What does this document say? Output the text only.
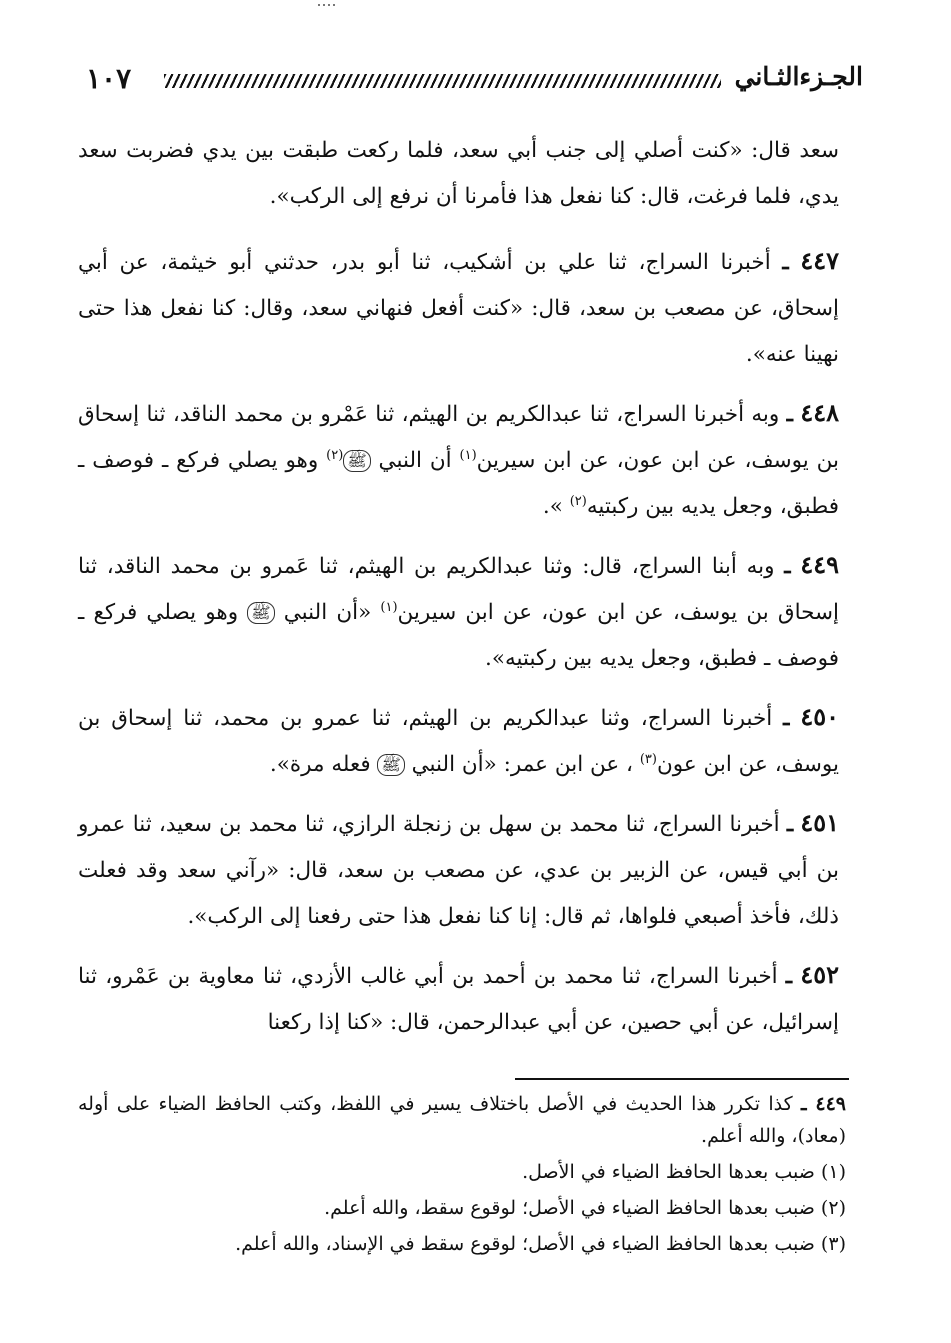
١٠٧	الجـزءالثـاني

سعد قال: «كنت أصلي إلى جنب أبي سعد، فلما ركعت طبقت بين يدي فضربت سعد يدي، فلما فرغت، قال: كنا نفعل هذا فأمرنا أن نرفع إلى الركب».

٤٤٧ ـ أخبرنا السراج، ثنا علي بن أشكيب، ثنا أبو بدر، حدثني أبو خيثمة، عن أبي إسحاق، عن مصعب بن سعد، قال: «كنت أفعل فنهاني سعد، وقال: كنا نفعل هذا حتى نهينا عنه».

٤٤٨ ـ وبه أخبرنا السراج، ثنا عبدالكريم بن الهيثم، ثنا عَمْرو بن محمد الناقد، ثنا إسحاق بن يوسف، عن ابن عون، عن ابن سيرين$^{(١)}$ أن النبي ﷺ$^{(٢)}$ وهو يصلي فركع ـ فوصف ـ فطبق، وجعل يديه بين ركبتيه$^{(٢)}$ ».

٤٤٩ ـ وبه أبنا السراج، قال: وثنا عبدالكريم بن الهيثم، ثنا عَمرو بن محمد الناقد، ثنا إسحاق بن يوسف، عن ابن عون، عن ابن سيرين$^{(١)}$ «أن النبي ﷺ وهو يصلي فركع ـ فوصف ـ فطبق، وجعل يديه بين ركبتيه».

٤٥٠ ـ أخبرنا السراج، وثنا عبدالكريم بن الهيثم، ثنا عمرو بن محمد، ثنا إسحاق بن يوسف، عن ابن عون$^{(٣)}$ ، عن ابن عمر: «أن النبي ﷺ فعله مرة».

٤٥١ ـ أخبرنا السراج، ثنا محمد بن سهل بن زنجلة الرازي، ثنا محمد بن سعيد، ثنا عمرو بن أبي قيس، عن الزبير بن عدي، عن مصعب بن سعد، قال: «رآني سعد وقد فعلت ذلك، فأخذ أصبعي فلواها، ثم قال: إنا كنا نفعل هذا حتى رفعنا إلى الركب».

٤٥٢ ـ أخبرنا السراج، ثنا محمد بن أحمد بن أبي غالب الأزدي، ثنا معاوية بن عَمْرو، ثنا إسرائيل، عن أبي حصين، عن أبي عبدالرحمن، قال: «كنا إذا ركعنا

٤٤٩ ـ كذا تكرر هذا الحديث في الأصل باختلاف يسير في اللفظ، وكتب الحافظ الضياء على أوله (معاد)، والله أعلم.

(١) ضبب بعدها الحافظ الضياء في الأصل.

(٢) ضبب بعدها الحافظ الضياء في الأصل؛ لوقوع سقط، والله أعلم.

(٣) ضبب بعدها الحافظ الضياء في الأصل؛ لوقوع سقط في الإسناد، والله أعلم.
